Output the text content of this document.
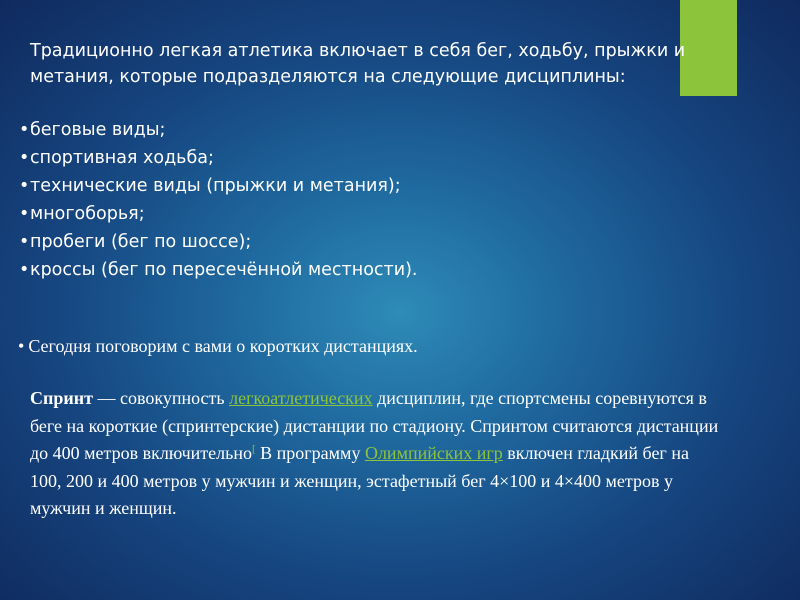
Традиционно легкая атлетика включает в себя бег, ходьбу, прыжки и метания, которые подразделяются на следующие дисциплины:

• беговые виды;
• спортивная ходьба;
• технические виды (прыжки и метания);
• многоборья;
• пробеги (бег по шоссе);
• кроссы (бег по пересечённой местности).

• Сегодня поговорим с вами о коротких дистанциях.

Спринт — совокупность легкоатлетических дисциплин, где спортсмены соревнуются в беге на короткие (спринтерские) дистанции по стадиону. Спринтом считаются дистанции до 400 метров включительно[ В программу Олимпийских игр включен гладкий бег на 100, 200 и 400 метров у мужчин и женщин, эстафетный бег 4×100 и 4×400 метров у мужчин и женщин.
